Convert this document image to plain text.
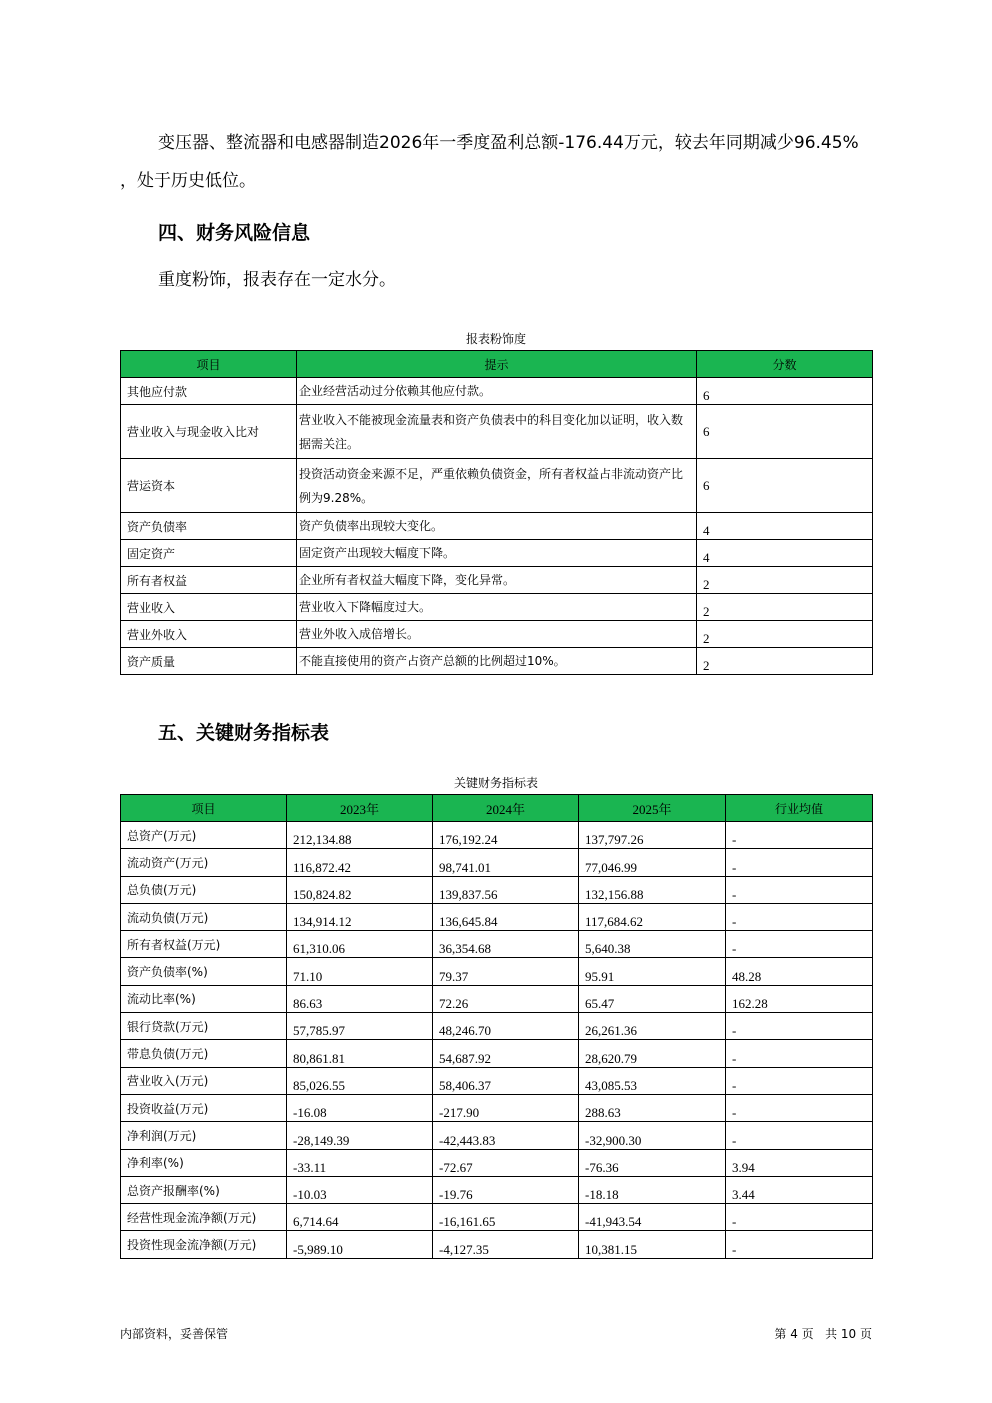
变压器、整流器和电感器制造2026年一季度盈利总额-176.44万元，较去年同期减少96.45%
，处于历史低位。
四、财务风险信息
重度粉饰，报表存在一定水分。
报表粉饰度
项目	提示	分数
其他应付款	企业经营活动过分依赖其他应付款。	6
营业收入与现金收入比对	营业收入不能被现金流量表和资产负债表中的科目变化加以证明，收入数据需关注。	6
营运资本	投资活动资金来源不足，严重依赖负债资金，所有者权益占非流动资产比例为9.28%。	6
资产负债率	资产负债率出现较大变化。	4
固定资产	固定资产出现较大幅度下降。	4
所有者权益	企业所有者权益大幅度下降，变化异常。	2
营业收入	营业收入下降幅度过大。	2
营业外收入	营业外收入成倍增长。	2
资产质量	不能直接使用的资产占资产总额的比例超过10%。	2
五、关键财务指标表
关键财务指标表
项目	2023年	2024年	2025年	行业均值
总资产(万元)	212,134.88	176,192.24	137,797.26	-
流动资产(万元)	116,872.42	98,741.01	77,046.99	-
总负债(万元)	150,824.82	139,837.56	132,156.88	-
流动负债(万元)	134,914.12	136,645.84	117,684.62	-
所有者权益(万元)	61,310.06	36,354.68	5,640.38	-
资产负债率(%)	71.10	79.37	95.91	48.28
流动比率(%)	86.63	72.26	65.47	162.28
银行贷款(万元)	57,785.97	48,246.70	26,261.36	-
带息负债(万元)	80,861.81	54,687.92	28,620.79	-
营业收入(万元)	85,026.55	58,406.37	43,085.53	-
投资收益(万元)	-16.08	-217.90	288.63	-
净利润(万元)	-28,149.39	-42,443.83	-32,900.30	-
净利率(%)	-33.11	-72.67	-76.36	3.94
总资产报酬率(%)	-10.03	-19.76	-18.18	3.44
经营性现金流净额(万元)	6,714.64	-16,161.65	-41,943.54	-
投资性现金流净额(万元)	-5,989.10	-4,127.35	10,381.15	-
内部资料，妥善保管	第 4 页   共 10 页
